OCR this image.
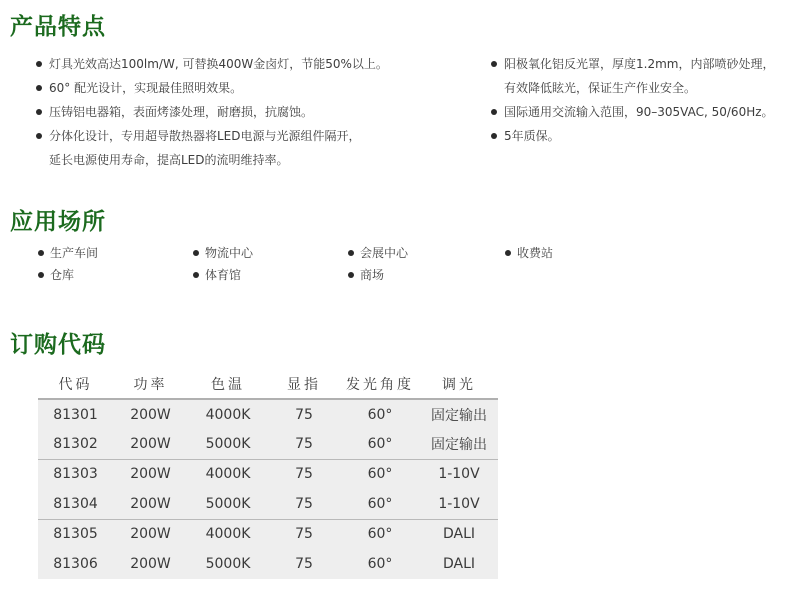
产品特点
灯具光效高达100lm/W, 可替换400W金卤灯，节能50%以上。
60° 配光设计，实现最佳照明效果。
压铸铝电器箱，表面烤漆处理，耐磨损，抗腐蚀。
分体化设计，专用超导散热器将LED电源与光源组件隔开，
延长电源使用寿命，提高LED的流明维持率。
阳极氧化铝反光罩，厚度1.2mm，内部喷砂处理，
有效降低眩光，保证生产作业安全。
国际通用交流输入范围，90–305VAC, 50/60Hz。
5年质保。
应用场所
生产车间
仓库
物流中心
体育馆
会展中心
商场
收费站
订购代码
代码	功率	色温	显指	发光角度	调光
81301	200W	4000K	75	60°	固定输出
81302	200W	5000K	75	60°	固定输出
81303	200W	4000K	75	60°	1-10V
81304	200W	5000K	75	60°	1-10V
81305	200W	4000K	75	60°	DALI
81306	200W	5000K	75	60°	DALI
